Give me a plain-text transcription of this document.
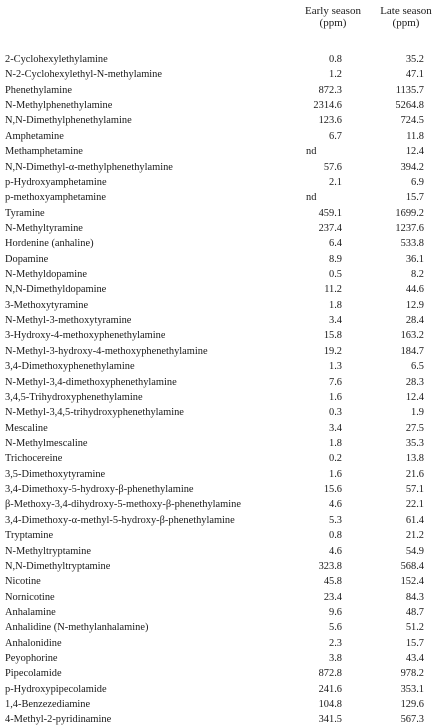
Early season
(ppm)
Late season
(ppm)
2-Cyclohexylethylamine	0.8	35.2
N-2-Cyclohexylethyl-N-methylamine	1.2	47.1
Phenethylamine	872.3	1135.7
N-Methylphenethylamine	2314.6	5264.8
N,N-Dimethylphenethylamine	123.6	724.5
Amphetamine	6.7	11.8
Methamphetamine	nd	12.4
N,N-Dimethyl-α-methylphenethylamine	57.6	394.2
p-Hydroxyamphetamine	2.1	6.9
p-methoxyamphetamine	nd	15.7
Tyramine	459.1	1699.2
N-Methyltyramine	237.4	1237.6
Hordenine (anhaline)	6.4	533.8
Dopamine	8.9	36.1
N-Methyldopamine	0.5	8.2
N,N-Dimethyldopamine	11.2	44.6
3-Methoxytyramine	1.8	12.9
N-Methyl-3-methoxytyramine	3.4	28.4
3-Hydroxy-4-methoxyphenethylamine	15.8	163.2
N-Methyl-3-hydroxy-4-methoxyphenethylamine	19.2	184.7
3,4-Dimethoxyphenethylamine	1.3	6.5
N-Methyl-3,4-dimethoxyphenethylamine	7.6	28.3
3,4,5-Trihydroxyphenethylamine	1.6	12.4
N-Methyl-3,4,5-trihydroxyphenethylamine	0.3	1.9
Mescaline	3.4	27.5
N-Methylmescaline	1.8	35.3
Trichocereine	0.2	13.8
3,5-Dimethoxytyramine	1.6	21.6
3,4-Dimethoxy-5-hydroxy-β-phenethylamine	15.6	57.1
β-Methoxy-3,4-dihydroxy-5-methoxy-β-phenethylamine	4.6	22.1
3,4-Dimethoxy-α-methyl-5-hydroxy-β-phenethylamine	5.3	61.4
Tryptamine	0.8	21.2
N-Methyltryptamine	4.6	54.9
N,N-Dimethyltryptamine	323.8	568.4
Nicotine	45.8	152.4
Nornicotine	23.4	84.3
Anhalamine	9.6	48.7
Anhalidine (N-methylanhalamine)	5.6	51.2
Anhalonidine	2.3	15.7
Peyophorine	3.8	43.4
Pipecolamide	872.8	978.2
p-Hydroxypipecolamide	241.6	353.1
1,4-Benzezediamine	104.8	129.6
4-Methyl-2-pyridinamine	341.5	567.3
